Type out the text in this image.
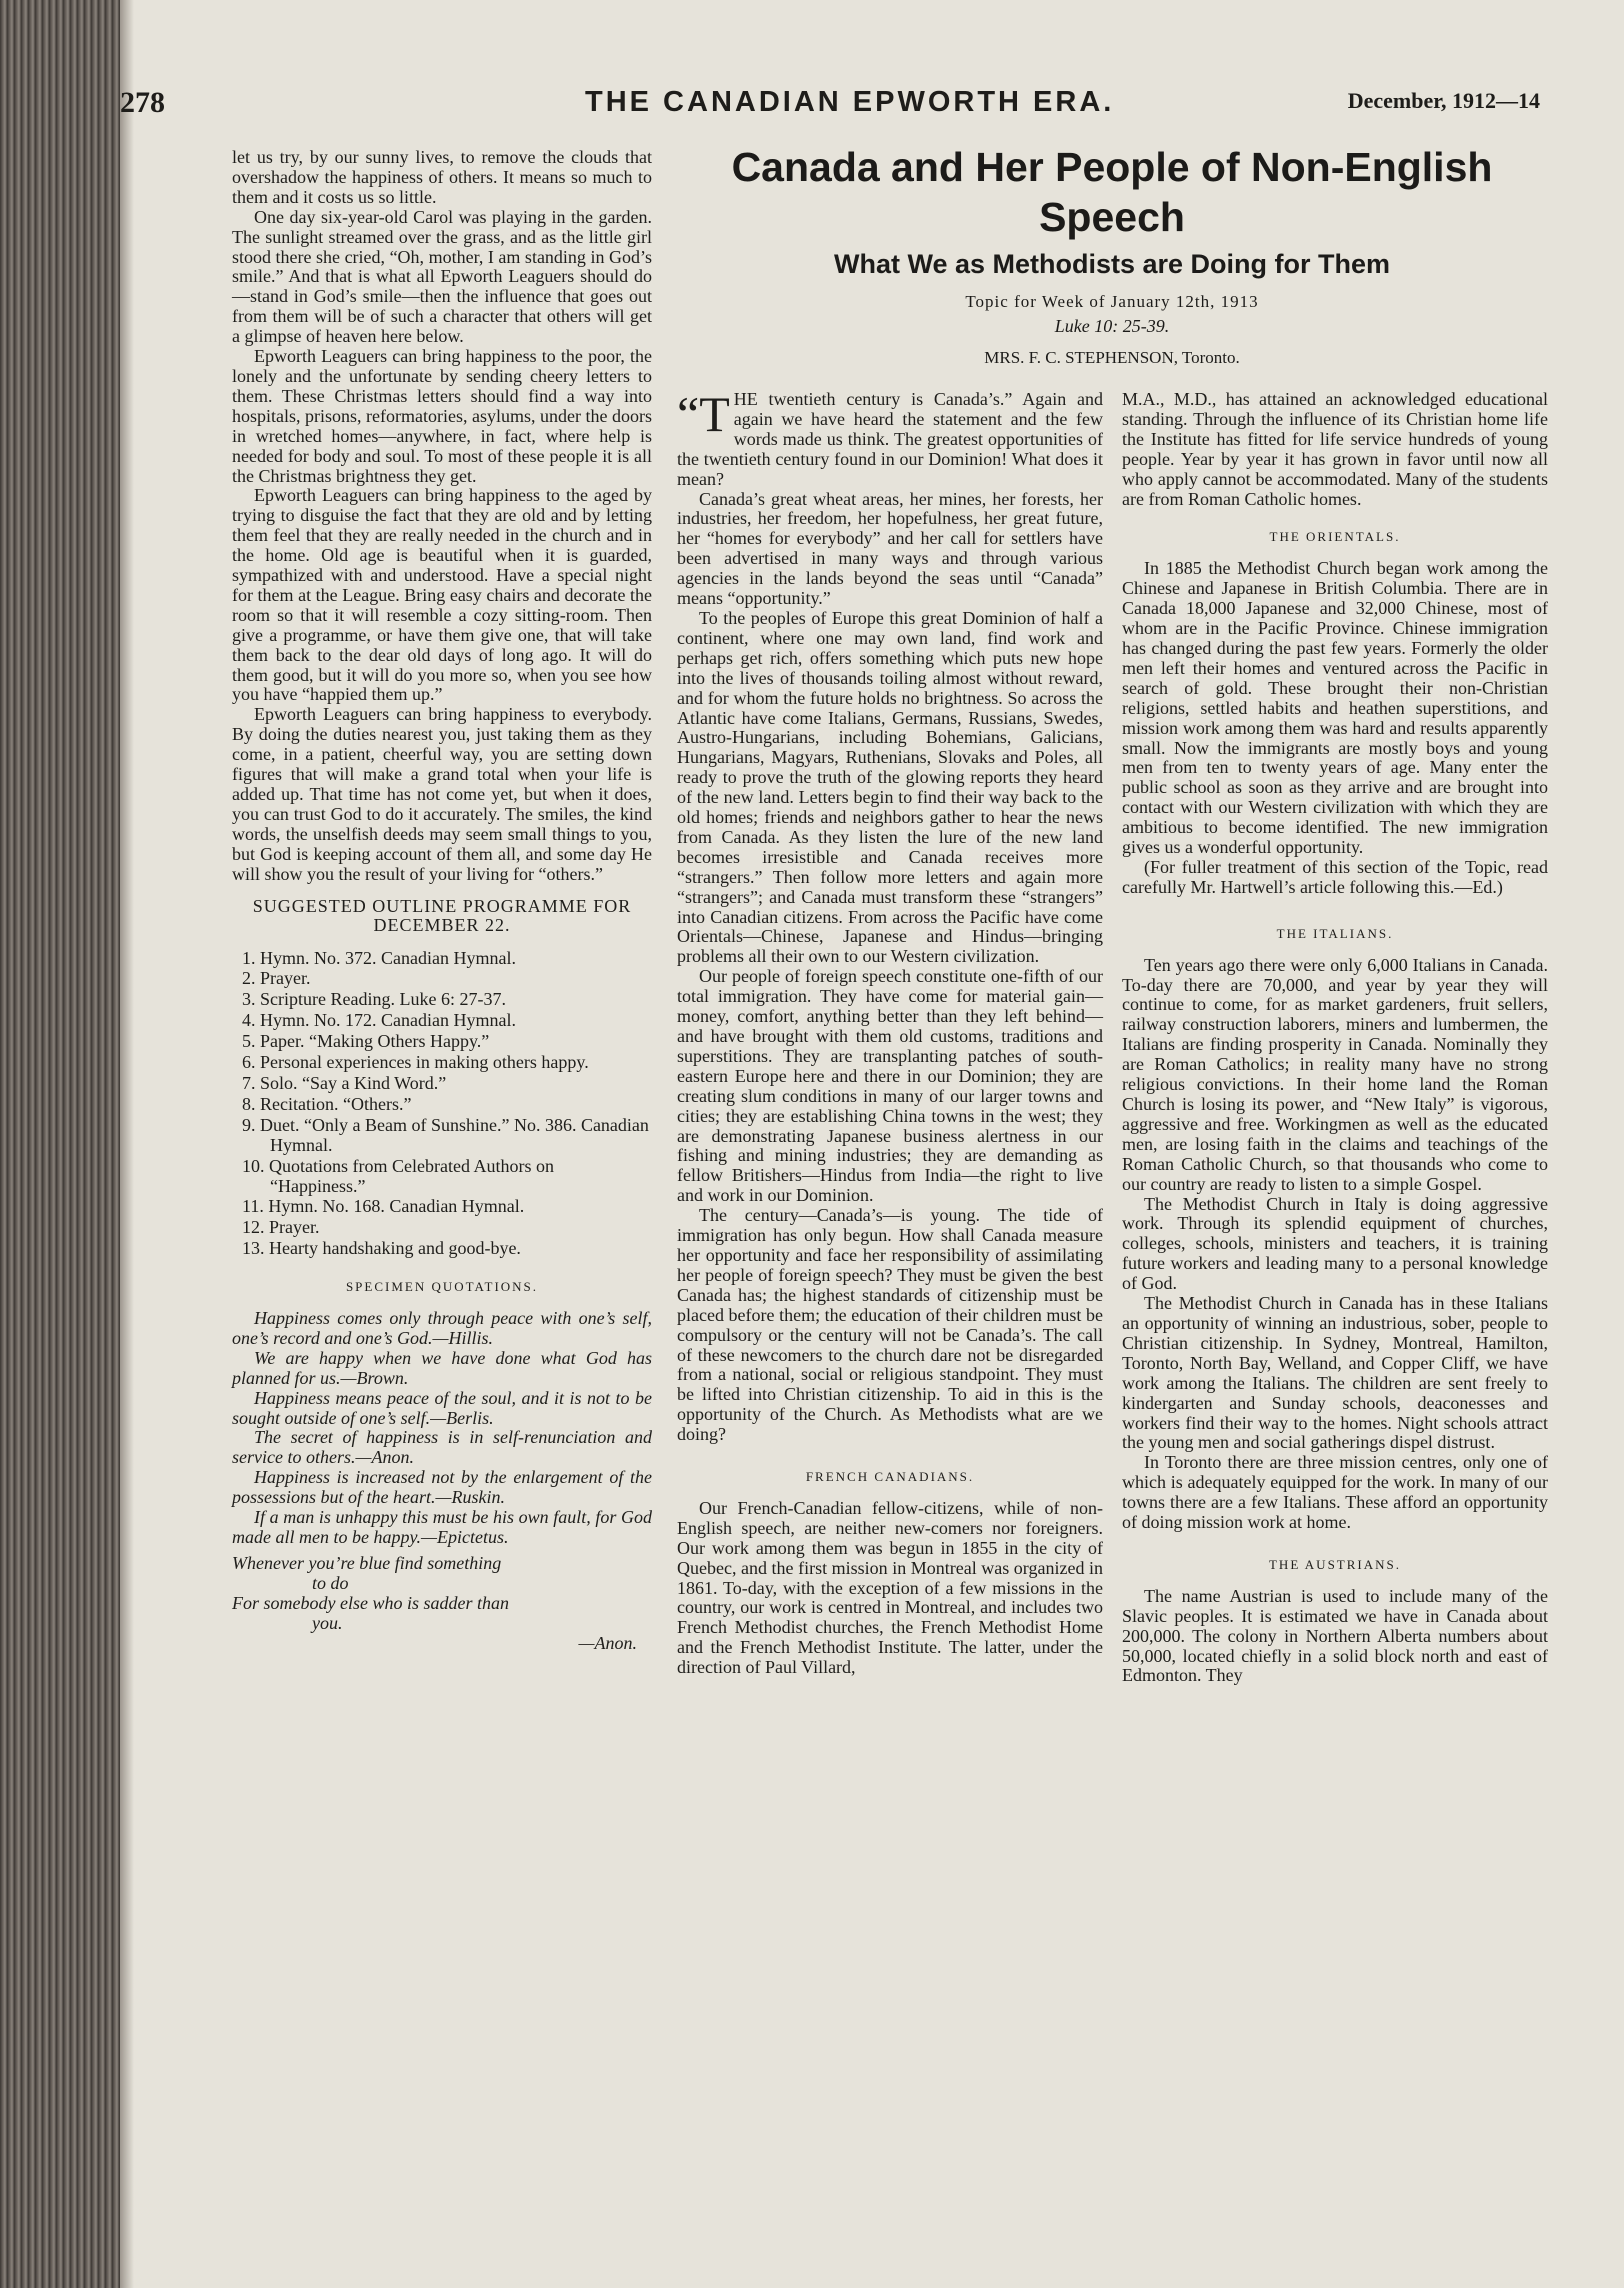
278	THE CANADIAN EPWORTH ERA.	December, 1912—14

let us try, by our sunny lives, to remove the clouds that overshadow the happiness of others. It means so much to them and it costs us so little.

One day six-year-old Carol was playing in the garden. The sunlight streamed over the grass, and as the little girl stood there she cried, “Oh, mother, I am standing in God’s smile.” And that is what all Epworth Leaguers should do—stand in God’s smile—then the influence that goes out from them will be of such a character that others will get a glimpse of heaven here below.

Epworth Leaguers can bring happiness to the poor, the lonely and the unfortunate by sending cheery letters to them. These Christmas letters should find a way into hospitals, prisons, reformatories, asylums, under the doors in wretched homes—anywhere, in fact, where help is needed for body and soul. To most of these people it is all the Christmas brightness they get.

Epworth Leaguers can bring happiness to the aged by trying to disguise the fact that they are old and by letting them feel that they are really needed in the church and in the home. Old age is beautiful when it is guarded, sympathized with and understood. Have a special night for them at the League. Bring easy chairs and decorate the room so that it will resemble a cozy sitting-room. Then give a programme, or have them give one, that will take them back to the dear old days of long ago. It will do them good, but it will do you more so, when you see how you have “happied them up.”

Epworth Leaguers can bring happiness to everybody. By doing the duties nearest you, just taking them as they come, in a patient, cheerful way, you are setting down figures that will make a grand total when your life is added up. That time has not come yet, but when it does, you can trust God to do it accurately. The smiles, the kind words, the unselfish deeds may seem small things to you, but God is keeping account of them all, and some day He will show you the result of your living for “others.”

SUGGESTED OUTLINE PROGRAMME FOR DECEMBER 22.
1. Hymn. No. 372. Canadian Hymnal.
2. Prayer.
3. Scripture Reading. Luke 6: 27-37.
4. Hymn. No. 172. Canadian Hymnal.
5. Paper. “Making Others Happy.”
6. Personal experiences in making others happy.
7. Solo. “Say a Kind Word.”
8. Recitation. “Others.”
9. Duet. “Only a Beam of Sunshine.” No. 386. Canadian Hymnal.
10. Quotations from Celebrated Authors on “Happiness.”
11. Hymn. No. 168. Canadian Hymnal.
12. Prayer.
13. Hearty handshaking and good-bye.
SPECIMEN QUOTATIONS.

Happiness comes only through peace with one’s self, one’s record and one’s God.—Hillis.

We are happy when we have done what God has planned for us.—Brown.

Happiness means peace of the soul, and it is not to be sought outside of one’s self.—Berlis.

The secret of happiness is in self-renunciation and service to others.—Anon.

Happiness is increased not by the enlargement of the possessions but of the heart.—Ruskin.

If a man is unhappy this must be his own fault, for God made all men to be happy.—Epictetus.

Whenever you’re blue find something
to do
For somebody else who is sadder than
you.
—Anon.
Canada and Her People of Non-English Speech
What We as Methodists are Doing for Them
Topic for Week of January 12th, 1913
Luke 10: 25-39.
MRS. F. C. STEPHENSON, Toronto.

“THE twentieth century is Canada’s.” Again and again we have heard the statement and the few words made us think. The greatest opportunities of the twentieth century found in our Dominion! What does it mean?

Canada’s great wheat areas, her mines, her forests, her industries, her freedom, her hopefulness, her great future, her “homes for everybody” and her call for settlers have been advertised in many ways and through various agencies in the lands beyond the seas until “Canada” means “opportunity.”

To the peoples of Europe this great Dominion of half a continent, where one may own land, find work and perhaps get rich, offers something which puts new hope into the lives of thousands toiling almost without reward, and for whom the future holds no brightness. So across the Atlantic have come Italians, Germans, Russians, Swedes, Austro-Hungarians, including Bohemians, Galicians, Hungarians, Magyars, Ruthenians, Slovaks and Poles, all ready to prove the truth of the glowing reports they heard of the new land. Letters begin to find their way back to the old homes; friends and neighbors gather to hear the news from Canada. As they listen the lure of the new land becomes irresistible and Canada receives more “strangers.” Then follow more letters and again more “strangers”; and Canada must transform these “strangers” into Canadian citizens. From across the Pacific have come Orientals—Chinese, Japanese and Hindus—bringing problems all their own to our Western civilization.

Our people of foreign speech constitute one-fifth of our total immigration. They have come for material gain—money, comfort, anything better than they left behind—and have brought with them old customs, traditions and superstitions. They are transplanting patches of south-eastern Europe here and there in our Dominion; they are creating slum conditions in many of our larger towns and cities; they are establishing China towns in the west; they are demonstrating Japanese business alertness in our fishing and mining industries; they are demanding as fellow Britishers—Hindus from India—the right to live and work in our Dominion.

The century—Canada’s—is young. The tide of immigration has only begun. How shall Canada measure her opportunity and face her responsibility of assimilating her people of foreign speech? They must be given the best Canada has; the highest standards of citizenship must be placed before them; the education of their children must be compulsory or the century will not be Canada’s. The call of these newcomers to the church dare not be disregarded from a national, social or religious standpoint. They must be lifted into Christian citizenship. To aid in this is the opportunity of the Church. As Methodists what are we doing?

FRENCH CANADIANS.

Our French-Canadian fellow-citizens, while of non-English speech, are neither new-comers nor foreigners. Our work among them was begun in 1855 in the city of Quebec, and the first mission in Montreal was organized in 1861. To-day, with the exception of a few missions in the country, our work is centred in Montreal, and includes two French Methodist churches, the French Methodist Home and the French Methodist Institute. The latter, under the direction of Paul Villard,

M.A., M.D., has attained an acknowledged educational standing. Through the influence of its Christian home life the Institute has fitted for life service hundreds of young people. Year by year it has grown in favor until now all who apply cannot be accommodated. Many of the students are from Roman Catholic homes.

THE ORIENTALS.

In 1885 the Methodist Church began work among the Chinese and Japanese in British Columbia. There are in Canada 18,000 Japanese and 32,000 Chinese, most of whom are in the Pacific Province. Chinese immigration has changed during the past few years. Formerly the older men left their homes and ventured across the Pacific in search of gold. These brought their non-Christian religions, settled habits and heathen superstitions, and mission work among them was hard and results apparently small. Now the immigrants are mostly boys and young men from ten to twenty years of age. Many enter the public school as soon as they arrive and are brought into contact with our Western civilization with which they are ambitious to become identified. The new immigration gives us a wonderful opportunity.

(For fuller treatment of this section of the Topic, read carefully Mr. Hartwell’s article following this.—Ed.)

THE ITALIANS.

Ten years ago there were only 6,000 Italians in Canada. To-day there are 70,000, and year by year they will continue to come, for as market gardeners, fruit sellers, railway construction laborers, miners and lumbermen, the Italians are finding prosperity in Canada. Nominally they are Roman Catholics; in reality many have no strong religious convictions. In their home land the Roman Church is losing its power, and “New Italy” is vigorous, aggressive and free. Workingmen as well as the educated men, are losing faith in the claims and teachings of the Roman Catholic Church, so that thousands who come to our country are ready to listen to a simple Gospel.

The Methodist Church in Italy is doing aggressive work. Through its splendid equipment of churches, colleges, schools, ministers and teachers, it is training future workers and leading many to a personal knowledge of God.

The Methodist Church in Canada has in these Italians an opportunity of winning an industrious, sober, people to Christian citizenship. In Sydney, Montreal, Hamilton, Toronto, North Bay, Welland, and Copper Cliff, we have work among the Italians. The children are sent freely to kindergarten and Sunday schools, deaconesses and workers find their way to the homes. Night schools attract the young men and social gatherings dispel distrust.

In Toronto there are three mission centres, only one of which is adequately equipped for the work. In many of our towns there are a few Italians. These afford an opportunity of doing mission work at home.

THE AUSTRIANS.

The name Austrian is used to include many of the Slavic peoples. It is estimated we have in Canada about 200,000. The colony in Northern Alberta numbers about 50,000, located chiefly in a solid block north and east of Edmonton. They
